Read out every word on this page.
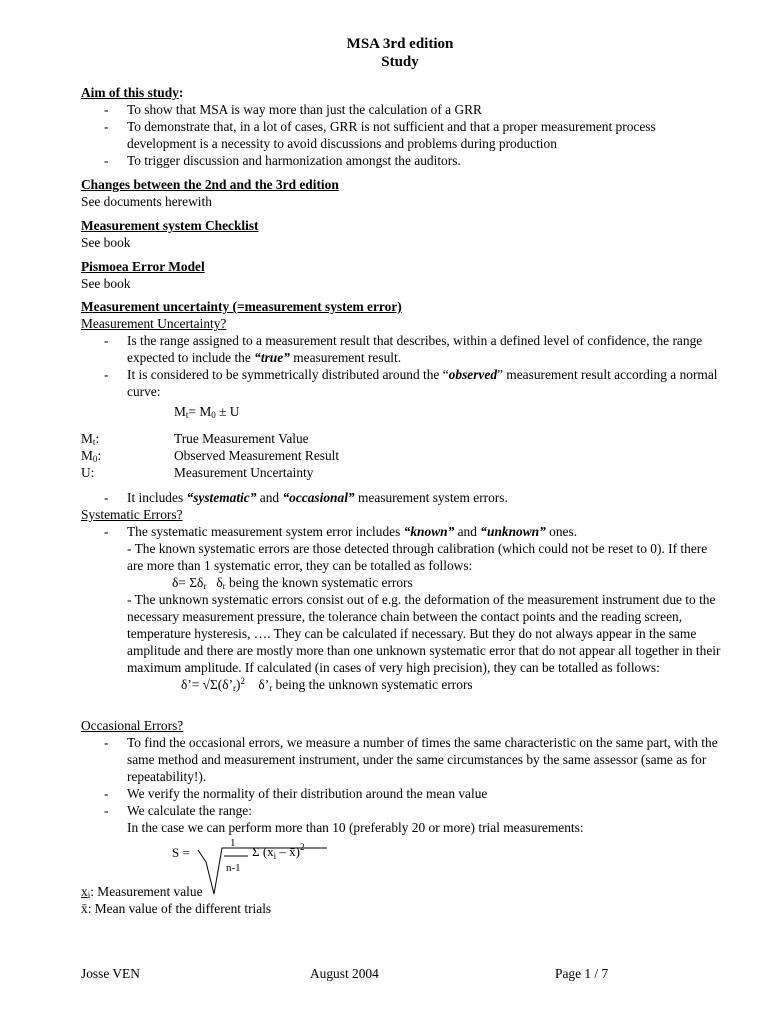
MSA 3rd edition
Study
Aim of this study:
- To show that MSA is way more than just the calculation of a GRR
- To demonstrate that, in a lot of cases, GRR is not sufficient and that a proper measurement process development is a necessity to avoid discussions and problems during production
- To trigger discussion and harmonization amongst the auditors.
Changes between the 2nd and the 3rd edition
See documents herewith
Measurement system Checklist
See book
Pismoea Error Model
See book
Measurement uncertainty (=measurement system error)
Measurement Uncertainty?
- Is the range assigned to a measurement result that describes, within a defined level of confidence, the range expected to include the “true” measurement result.
- It is considered to be symmetrically distributed around the “observed” measurement result according a normal curve:
$M_t= M_0 \pm U$
$M_t$:	True Measurement Value
$M_0$:	Observed Measurement Result
U:	Measurement Uncertainty
- It includes “systematic” and “occasional” measurement system errors.
Systematic Errors?
- The systematic measurement system error includes “known” and “unknown” ones.
- The known systematic errors are those detected through calibration (which could not be reset to 0). If there are more than 1 systematic error, they can be totalled as follows:
$\delta= \Sigma\delta_r$ $\delta_r$ being the known systematic errors
- The unknown systematic errors consist out of e.g. the deformation of the measurement instrument due to the necessary measurement pressure, the tolerance chain between the contact points and the reading screen, temperature hysteresis, …. They can be calculated if necessary. But they do not always appear in the same amplitude and there are mostly more than one unknown systematic error that do not appear all together in their maximum amplitude. If calculated (in cases of very high precision), they can be totalled as follows:
δ’= $√\Sigma(\delta’_r)^2$ $\delta’_r$ being the unknown systematic errors
Occasional Errors?
- To find the occasional errors, we measure a number of times the same characteristic on the same part, with the same method and measurement instrument, under the same circumstances by the same assessor (same as for repeatability!).
- We verify the normality of their distribution around the mean value
- We calculate the range:
In the case we can perform more than 10 (preferably 20 or more) trial measurements:
S =
1
n-1
Σ ($x_i$ – x̄)$^2$
$x_i$: Measurement value
x̄: Mean value of the different trials
Josse VEN	August 2004	Page 1 / 7
